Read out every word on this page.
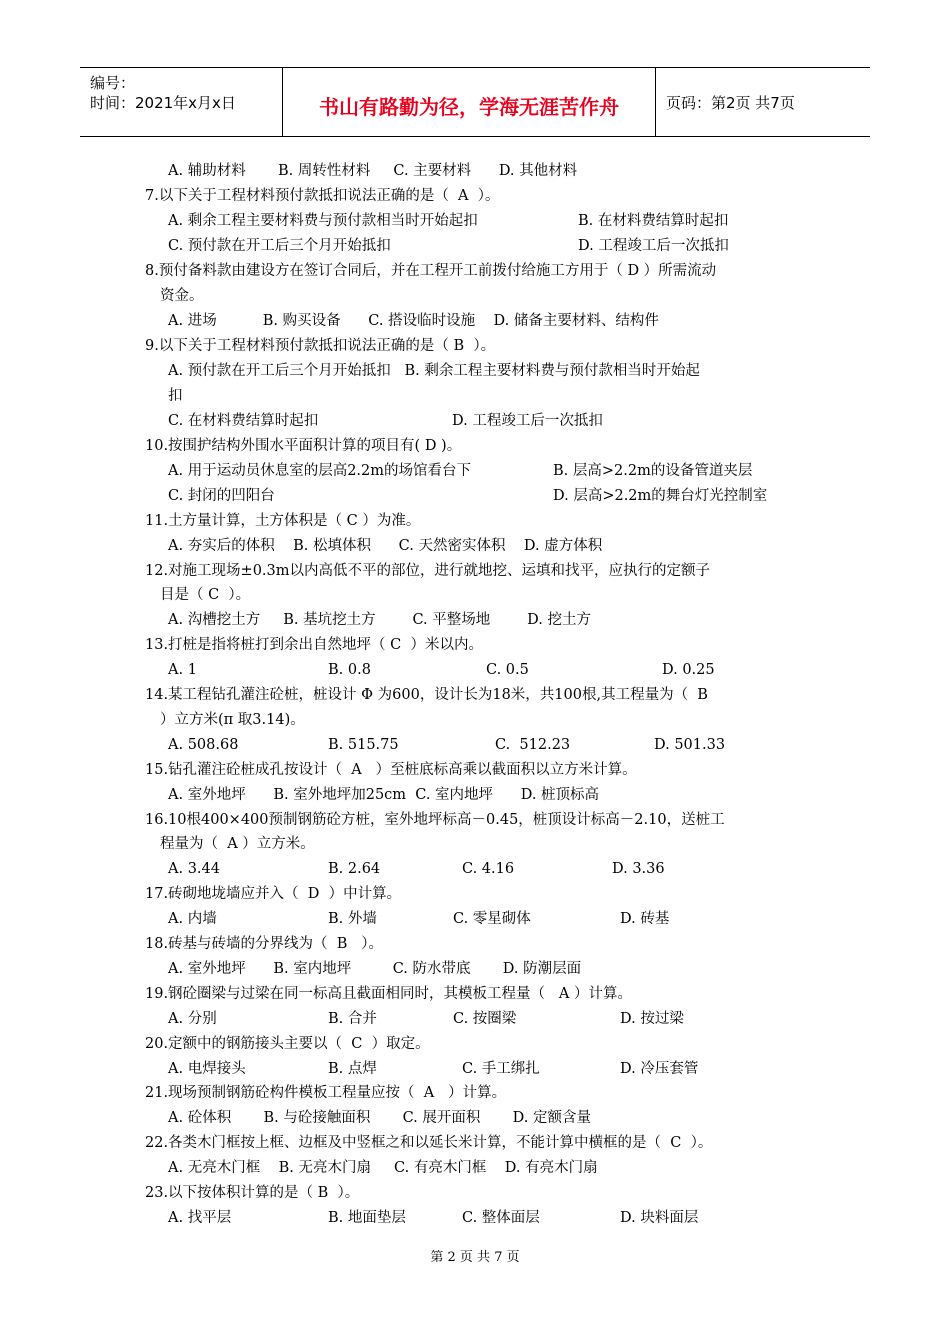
编号：
时间：2021年x月x日	书山有路勤为径，学海无涯苦作舟	页码：第2页 共7页
A. 辅助材料       B. 周转性材料     C. 主要材料      D. 其他材料
7.以下关于工程材料预付款抵扣说法正确的是（  A  ）。
A. 剩余工程主要材料费与预付款相当时开始起扣	B. 在材料费结算时起扣
C. 预付款在开工后三个月开始抵扣	D. 工程竣工后一次抵扣
8.预付备料款由建设方在签订合同后，并在工程开工前拨付给施工方用于（ D ）所需流动
资金。
A. 进场          B. 购买设备      C. 搭设临时设施    D. 储备主要材料、结构件
9.以下关于工程材料预付款抵扣说法正确的是（ B  ）。
A. 预付款在开工后三个月开始抵扣   B. 剩余工程主要材料费与预付款相当时开始起
扣
C. 在材料费结算时起扣	D. 工程竣工后一次抵扣
10.按围护结构外围水平面积计算的项目有( D )。
A. 用于运动员休息室的层高2.2m的场馆看台下	B. 层高>2.2m的设备管道夹层
C. 封闭的凹阳台	D. 层高>2.2m的舞台灯光控制室
11.土方量计算，土方体积是（ C ）为准。
A. 夯实后的体积    B. 松填体积      C. 天然密实体积    D. 虚方体积
12.对施工现场±0.3m以内高低不平的部位，进行就地挖、运填和找平，应执行的定额子
目是（ C  ）。
A. 沟槽挖土方     B. 基坑挖土方        C. 平整场地        D. 挖土方
13.打桩是指将桩打到余出自然地坪（ C  ）米以内。
A. 1	B. 0.8	C. 0.5	D. 0.25
14.某工程钻孔灌注砼桩，桩设计 Φ 为600，设计长为18米，共100根,其工程量为（  B
）立方米(π 取3.14)。
A. 508.68	B. 515.75	C.  512.23	D. 501.33
15.钻孔灌注砼桩成孔按设计（  A   ）至桩底标高乘以截面积以立方米计算。
A. 室外地坪      B. 室外地坪加25cm  C. 室内地坪      D. 桩顶标高
16.10根400×400预制钢筋砼方桩，室外地坪标高－0.45，桩顶设计标高－2.10，送桩工
程量为（  A ）立方米。
A. 3.44	B. 2.64	C. 4.16	D. 3.36
17.砖砌地垅墙应并入（  D  ）中计算。
A. 内墙	B. 外墙	C. 零星砌体	D. 砖基
18.砖基与砖墙的分界线为（  B   ）。
A. 室外地坪      B. 室内地坪         C. 防水带底       D. 防潮层面
19.钢砼圈梁与过梁在同一标高且截面相同时，其模板工程量（   A ）计算。
A. 分别	B. 合并	C. 按圈梁	D. 按过梁
20.定额中的钢筋接头主要以（  C  ）取定。
A. 电焊接头	B. 点焊	C. 手工绑扎	D. 冷压套管
21.现场预制钢筋砼构件模板工程量应按（  A   ）计算。
A. 砼体积       B. 与砼接触面积       C. 展开面积       D. 定额含量
22.各类木门框按上框、边框及中竖框之和以延长米计算，不能计算中横框的是（  C  ）。
A. 无亮木门框    B. 无亮木门扇     C. 有亮木门框    D. 有亮木门扇
23.以下按体积计算的是（ B  ）。
A. 找平层	B. 地面垫层	C. 整体面层	D. 块料面层
第 2 页 共 7 页
